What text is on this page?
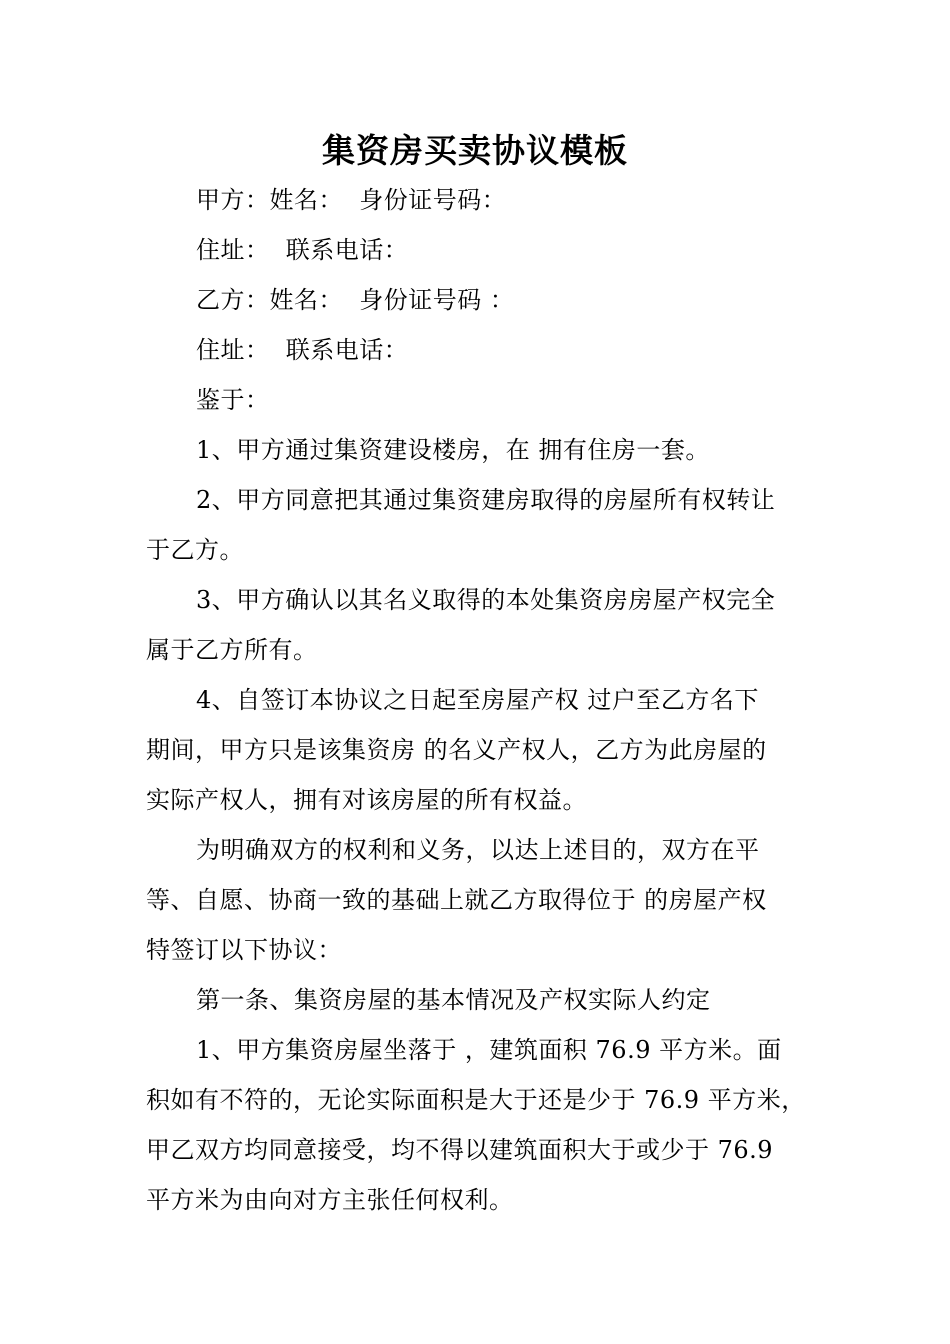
集资房买卖协议模板
甲方：姓名：  身份证号码：
住址：  联系电话：
乙方：姓名：  身份证号码 ：
住址：  联系电话：
鉴于：
1、甲方通过集资建设楼房，在 拥有住房一套。
2、甲方同意把其通过集资建房取得的房屋所有权转让
于乙方。
3、甲方确认以其名义取得的本处集资房房屋产权完全
属于乙方所有。
4、自签订本协议之日起至房屋产权 过户至乙方名下
期间，甲方只是该集资房 的名义产权人，乙方为此房屋的
实际产权人，拥有对该房屋的所有权益。
为明确双方的权利和义务，以达上述目的，双方在平
等、自愿、协商一致的基础上就乙方取得位于 的房屋产权
特签订以下协议：
第一条、集资房屋的基本情况及产权实际人约定
1、甲方集资房屋坐落于 ，建筑面积 76.9 平方米。面
积如有不符的，无论实际面积是大于还是少于 76.9 平方米，
甲乙双方均同意接受，均不得以建筑面积大于或少于 76.9
平方米为由向对方主张任何权利。
